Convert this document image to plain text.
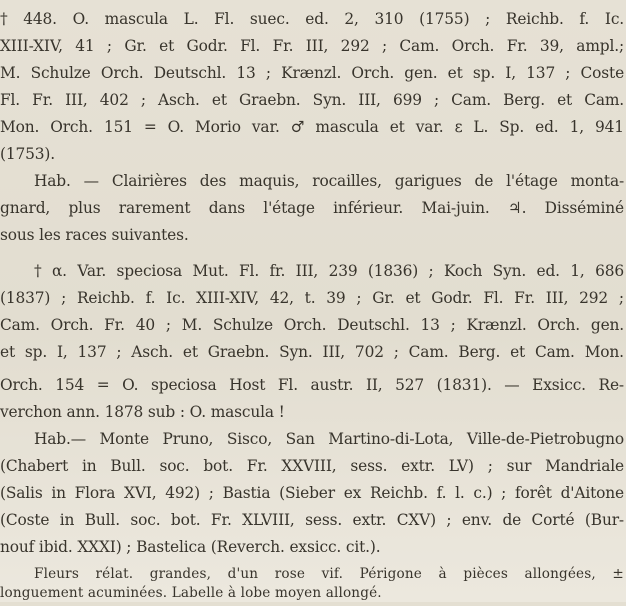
† 448. O. mascula L. Fl. suec. ed. 2, 310 (1755) ; Reichb. f. Ic.
XIII-XIV, 41 ; Gr. et Godr. Fl. Fr. III, 292 ; Cam. Orch. Fr. 39, ampl.;
M. Schulze Orch. Deutschl. 13 ; Krænzl. Orch. gen. et sp. I, 137 ; Coste
Fl. Fr. III, 402 ; Asch. et Graebn. Syn. III, 699 ; Cam. Berg. et Cam.
Mon. Orch. 151 = O. Morio var. ♂ mascula et var. ε L. Sp. ed. 1, 941
(1753).
Hab. — Clairières des maquis, rocailles, garigues de l'étage monta-
gnard, plus rarement dans l'étage inférieur. Mai-juin. ♃. Disséminé
sous les races suivantes.
† α. Var. speciosa Mut. Fl. fr. III, 239 (1836) ; Koch Syn. ed. 1, 686
(1837) ; Reichb. f. Ic. XIII-XIV, 42, t. 39 ; Gr. et Godr. Fl. Fr. III, 292 ;
Cam. Orch. Fr. 40 ; M. Schulze Orch. Deutschl. 13 ; Krænzl. Orch. gen.
et sp. I, 137 ; Asch. et Graebn. Syn. III, 702 ; Cam. Berg. et Cam. Mon.
Orch. 154 = O. speciosa Host Fl. austr. II, 527 (1831). — Exsicc. Re-
verchon ann. 1878 sub : O. mascula !
Hab.— Monte Pruno, Sisco, San Martino-di-Lota, Ville-de-Pietrobugno
(Chabert in Bull. soc. bot. Fr. XXVIII, sess. extr. LV) ; sur Mandriale
(Salis in Flora XVI, 492) ; Bastia (Sieber ex Reichb. f. l. c.) ; forêt d'Aitone
(Coste in Bull. soc. bot. Fr. XLVIII, sess. extr. CXV) ; env. de Corté (Bur-
nouf ibid. XXXI) ; Bastelica (Reverch. exsicc. cit.).
Fleurs rélat. grandes, d'un rose vif. Périgone à pièces allongées, ±
longuement acuminées. Labelle à lobe moyen allongé.
